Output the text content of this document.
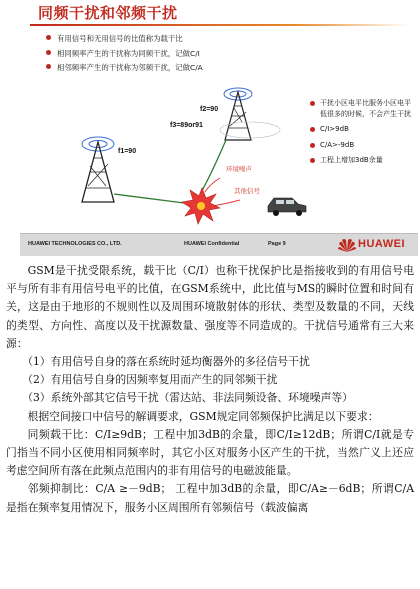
同频干扰和邻频干扰
有用信号和无用信号的比值称为载干比
相同频率产生的干扰称为同频干扰，记做C/I
相邻频率产生的干扰称为邻频干扰，记做C/A
f2=90
f3=89or91
f1=90
环境噪声
其他信号
干扰小区电平比服务小区电平低很多的时候，不会产生干扰
C/I>9dB
C/A>-9dB
工程上增加3dB余量
HUAWEI TECHNOLOGIES CO., LTD.	HUAWEI Confidential	Page 9	HUAWEI

GSM是干扰受限系统，载干比（C/I）也称干扰保护比是指接收到的有用信号电平与所有非有用信号电平的比值，在GSM系统中，此比值与MS的瞬时位置和时间有关，这是由于地形的不规则性以及周围环境散射体的形状、类型及数量的不同，天线的类型、方向性、高度以及干扰源数量、强度等不同造成的。干扰信号通常有三大来源：

（1）有用信号自身的落在系统时延均衡器外的多径信号干扰

（2）有用信号自身的因频率复用而产生的同邻频干扰

（3）系统外部其它信号干扰（雷达站、非法同频设备、环境噪声等）

根据空间接口中信号的解调要求，GSM规定同邻频保护比满足以下要求：

同频载干比：C/I≥9dB；工程中加3dB的余量，即C/I≥12dB；所谓C/I就是专门指当不同小区使用相同频率时，其它小区对服务小区产生的干扰，当然广义上还应考虑空间所有落在此频点范围内的非有用信号的电磁波能量。

邻频抑制比：C/A ≥－9dB； 工程中加3dB的余量，即C/A≥－6dB；所谓C/A是指在频率复用情况下，服务小区周围所有邻频信号（载波偏离
